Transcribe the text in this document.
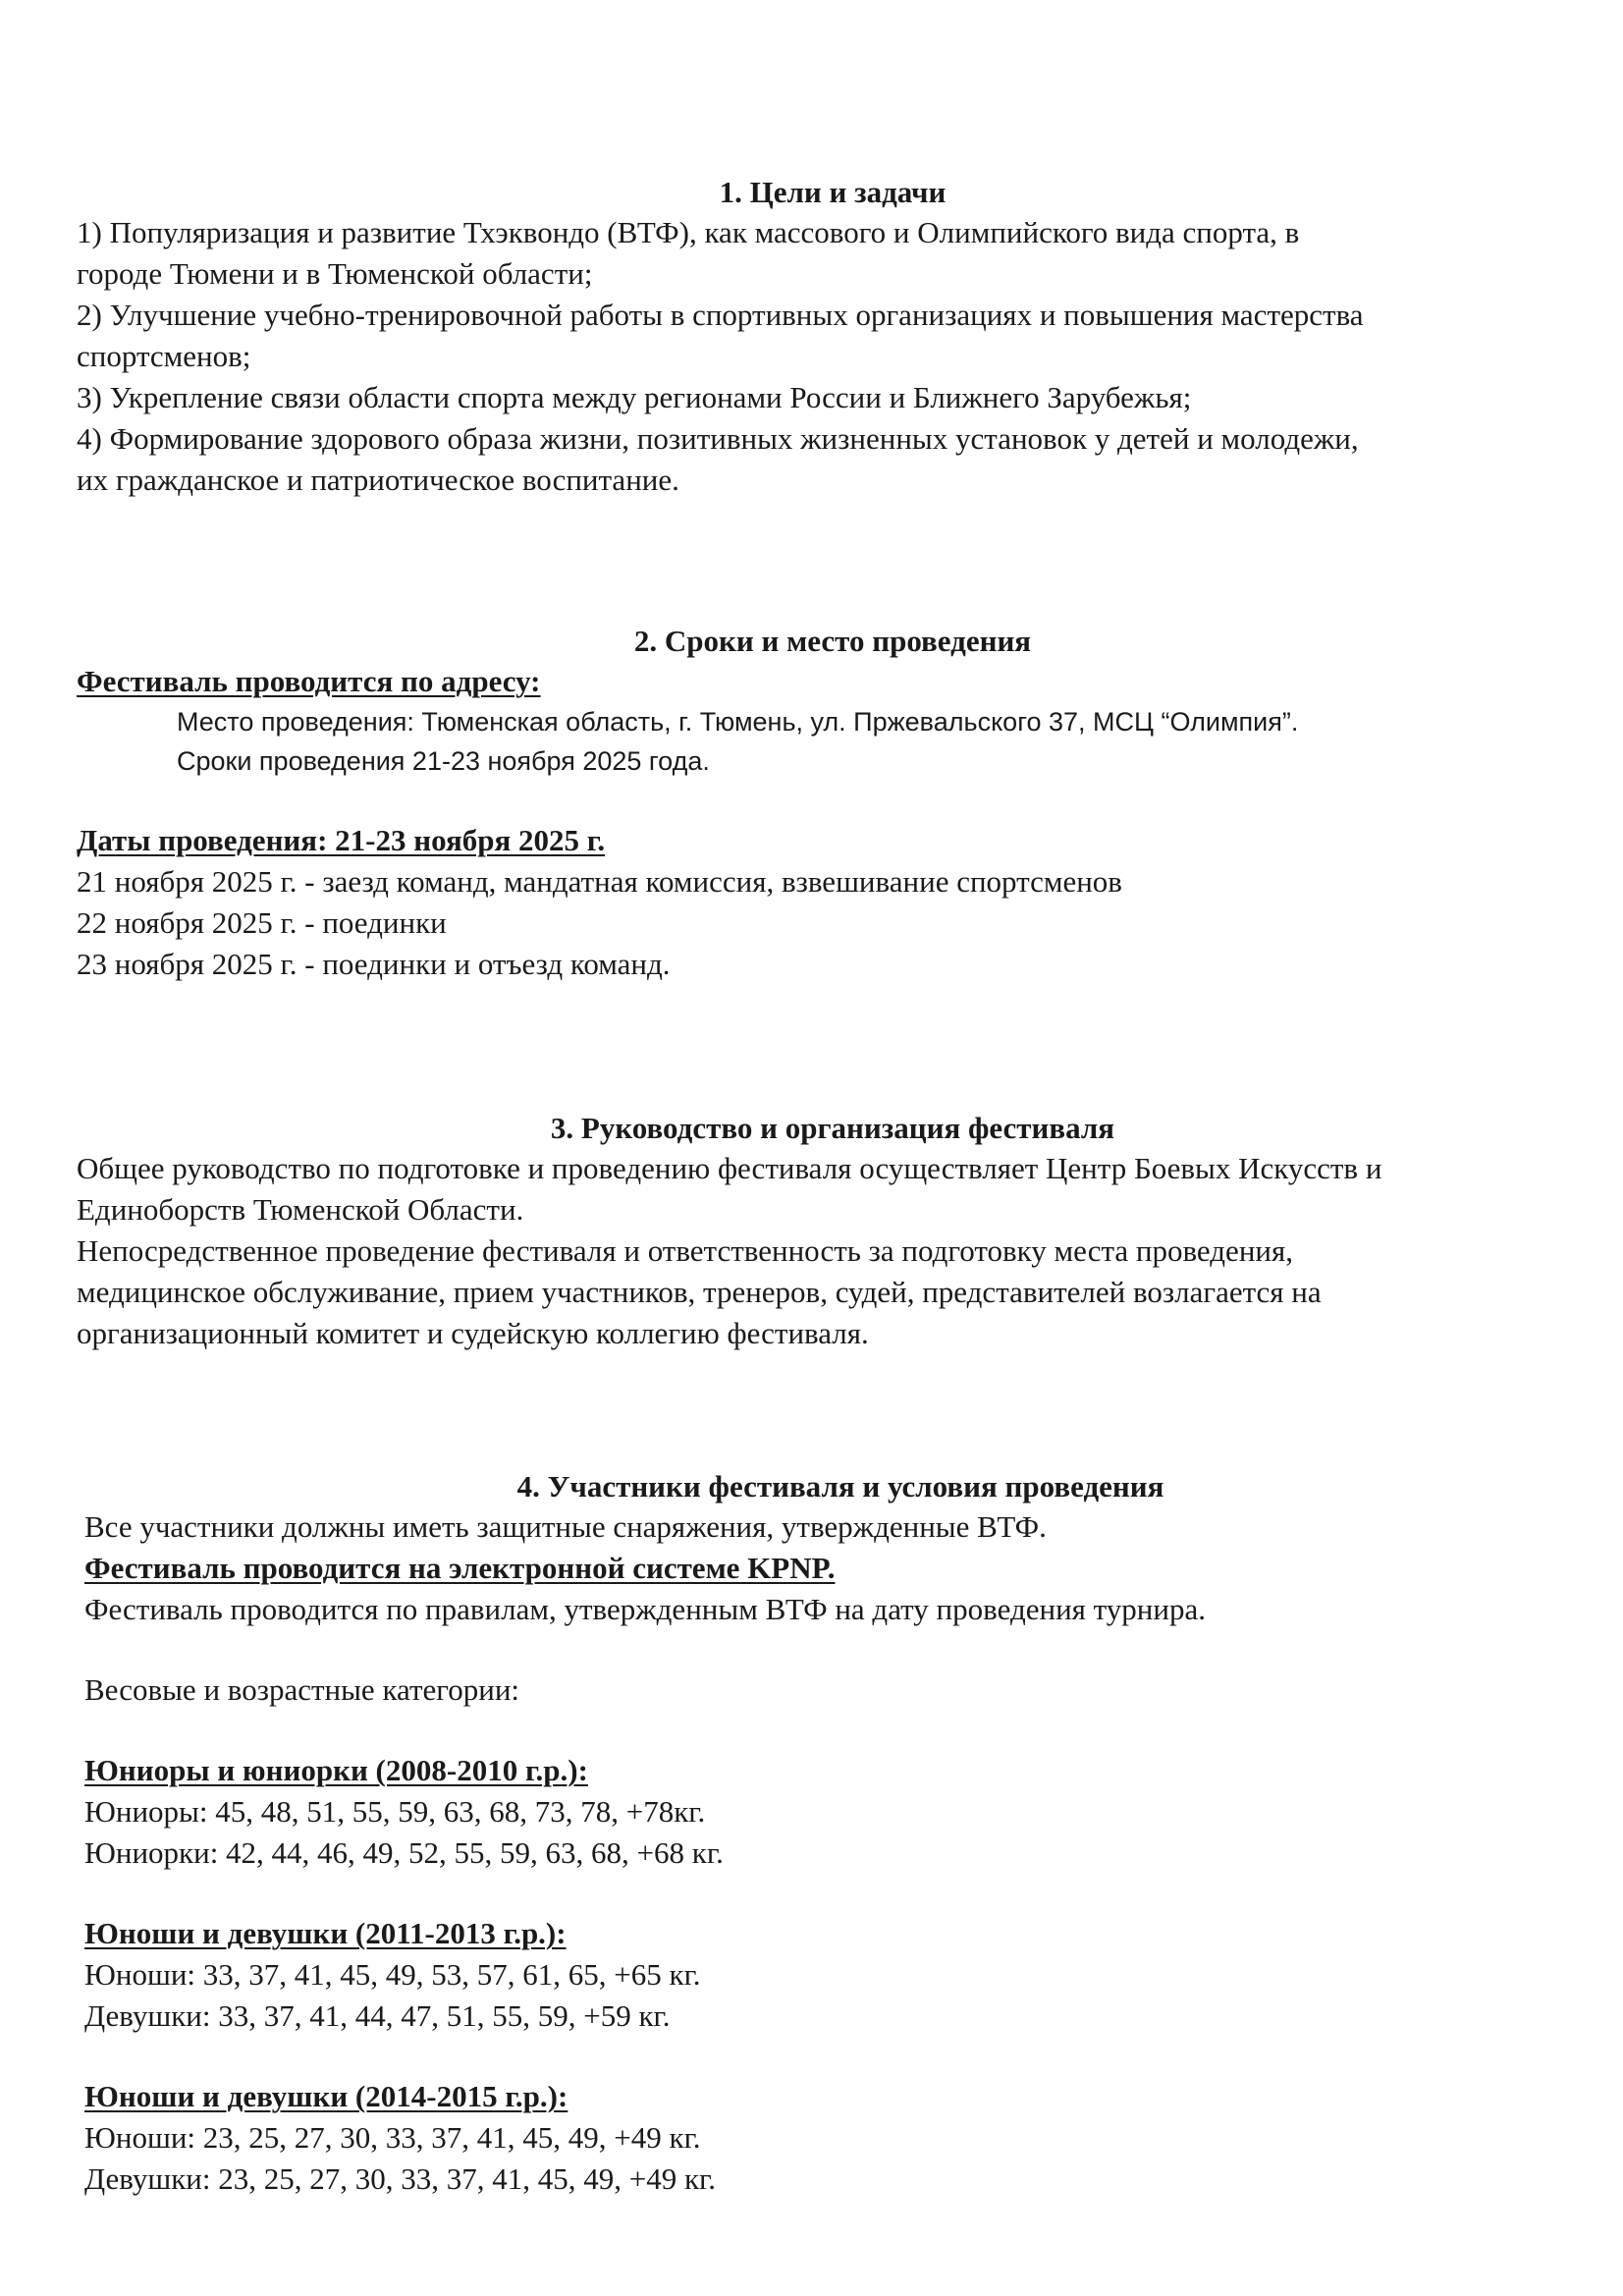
1. Цели и задачи

1) Популяризация и развитие Тхэквондо (ВТФ), как массового и Олимпийского вида спорта, в

городе Тюмени и в Тюменской области;

2) Улучшение учебно-тренировочной работы в спортивных организациях и повышения мастерства

спортсменов;

3) Укрепление связи области спорта между регионами России и Ближнего Зарубежья;

4) Формирование здорового образа жизни, позитивных жизненных установок у детей и молодежи,

их гражданское и патриотическое воспитание.

2. Сроки и место проведения

Фестиваль проводится по адресу:

Место проведения: Тюменская область, г. Тюмень, ул. Пржевальского 37, МСЦ “Олимпия”.

Сроки проведения 21-23 ноября 2025 года.

Даты проведения: 21-23 ноября 2025 г.

21 ноября 2025 г. - заезд команд, мандатная комиссия, взвешивание спортсменов

22 ноября 2025 г. - поединки

23 ноября 2025 г. - поединки и отъезд команд.

3. Руководство и организация фестиваля

Общее руководство по подготовке и проведению фестиваля осуществляет Центр Боевых Искусств и

Единоборств Тюменской Области.

Непосредственное проведение фестиваля и ответственность за подготовку места проведения,

медицинское обслуживание, прием участников, тренеров, судей, представителей возлагается на

организационный комитет и судейскую коллегию фестиваля.

4. Участники фестиваля и условия проведения

Все участники должны иметь защитные снаряжения, утвержденные ВТФ.

Фестиваль проводится на электронной системе KPNP.

Фестиваль проводится по правилам, утвержденным ВТФ на дату проведения турнира.

Весовые и возрастные категории:

Юниоры и юниорки (2008-2010 г.р.):

Юниоры: 45, 48, 51, 55, 59, 63, 68, 73, 78, +78кг.

Юниорки: 42, 44, 46, 49, 52, 55, 59, 63, 68, +68 кг.

Юноши и девушки (2011-2013 г.р.):

Юноши: 33, 37, 41, 45, 49, 53, 57, 61, 65, +65 кг.

Девушки: 33, 37, 41, 44, 47, 51, 55, 59, +59 кг.

Юноши и девушки (2014-2015 г.р.):

Юноши: 23, 25, 27, 30, 33, 37, 41, 45, 49, +49 кг.

Девушки: 23, 25, 27, 30, 33, 37, 41, 45, 49, +49 кг.
